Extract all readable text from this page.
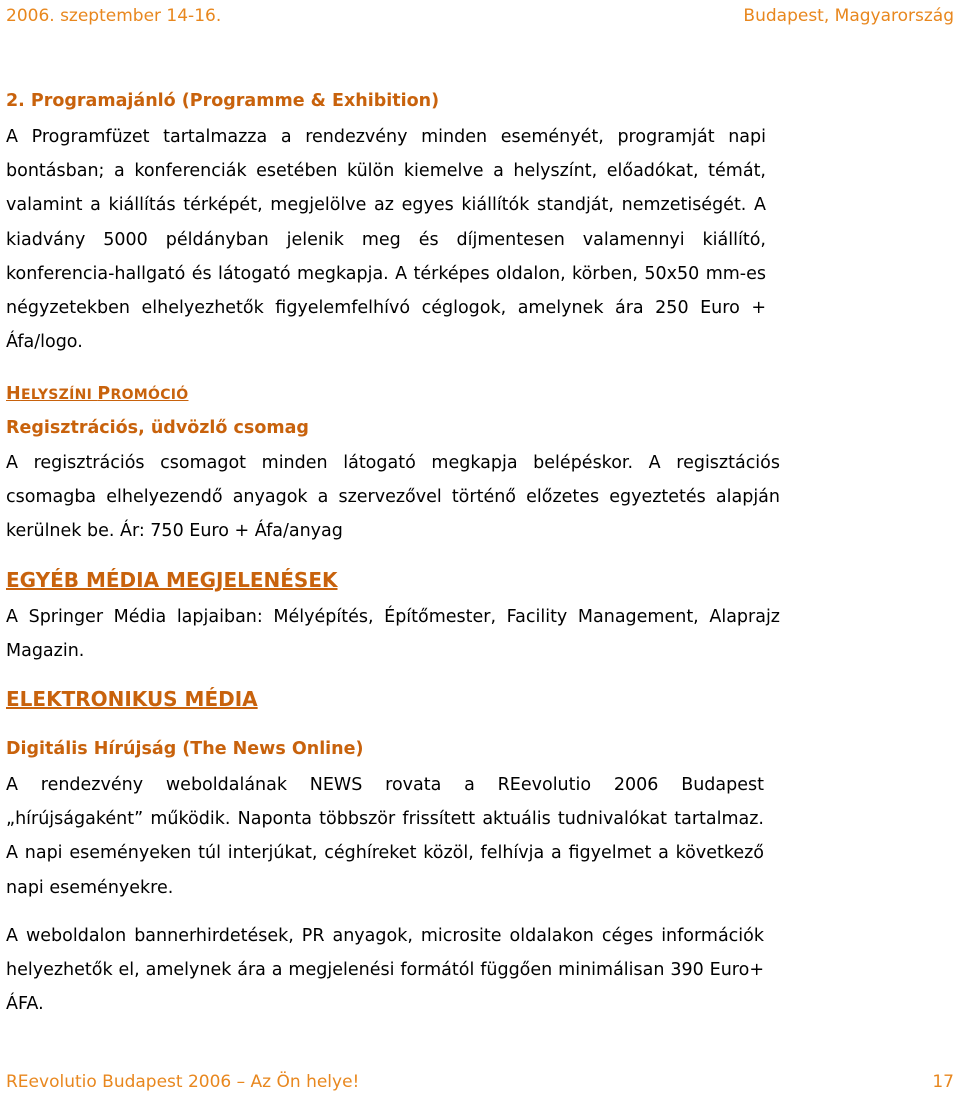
2006. szeptember 14-16.	Budapest, Magyarország
2. Programajánló (Programme & Exhibition)

A Programfüzet tartalmazza a rendezvény minden eseményét, programját napi bontásban; a konferenciák esetében külön kiemelve a helyszínt, előadókat, témát, valamint a kiállítás térképét, megjelölve az egyes kiállítók standját, nemzetiségét. A kiadvány 5000 példányban jelenik meg és díjmentesen valamennyi kiállító, konferencia-hallgató és látogató megkapja. A térképes oldalon, körben, 50x50 mm-es négyzetekben elhelyezhetők figyelemfelhívó céglogok, amelynek ára 250 Euro + Áfa/logo.

HELYSZÍNI PROMÓCIÓ
Regisztrációs, üdvözlő csomag

A regisztrációs csomagot minden látogató megkapja belépéskor. A regisztációs csomagba elhelyezendő anyagok a szervezővel történő előzetes egyeztetés alapján kerülnek be. Ár: 750 Euro + Áfa/anyag

EGYÉB MÉDIA MEGJELENÉSEK

A Springer Média lapjaiban: Mélyépítés, Építőmester, Facility Management, Alaprajz Magazin.

ELEKTRONIKUS MÉDIA
Digitális Hírújság (The News Online)

A rendezvény weboldalának NEWS rovata a REevolutio 2006 Budapest „hírújságaként” működik. Naponta többször frissített aktuális tudnivalókat tartalmaz. A napi eseményeken túl interjúkat, céghíreket közöl, felhívja a figyelmet a következő napi eseményekre.

A weboldalon bannerhirdetések, PR anyagok, microsite oldalakon céges információk helyezhetők el, amelynek ára a megjelenési formától függően minimálisan 390 Euro+ ÁFA.

REevolutio Budapest 2006 – Az Ön helye!	17
